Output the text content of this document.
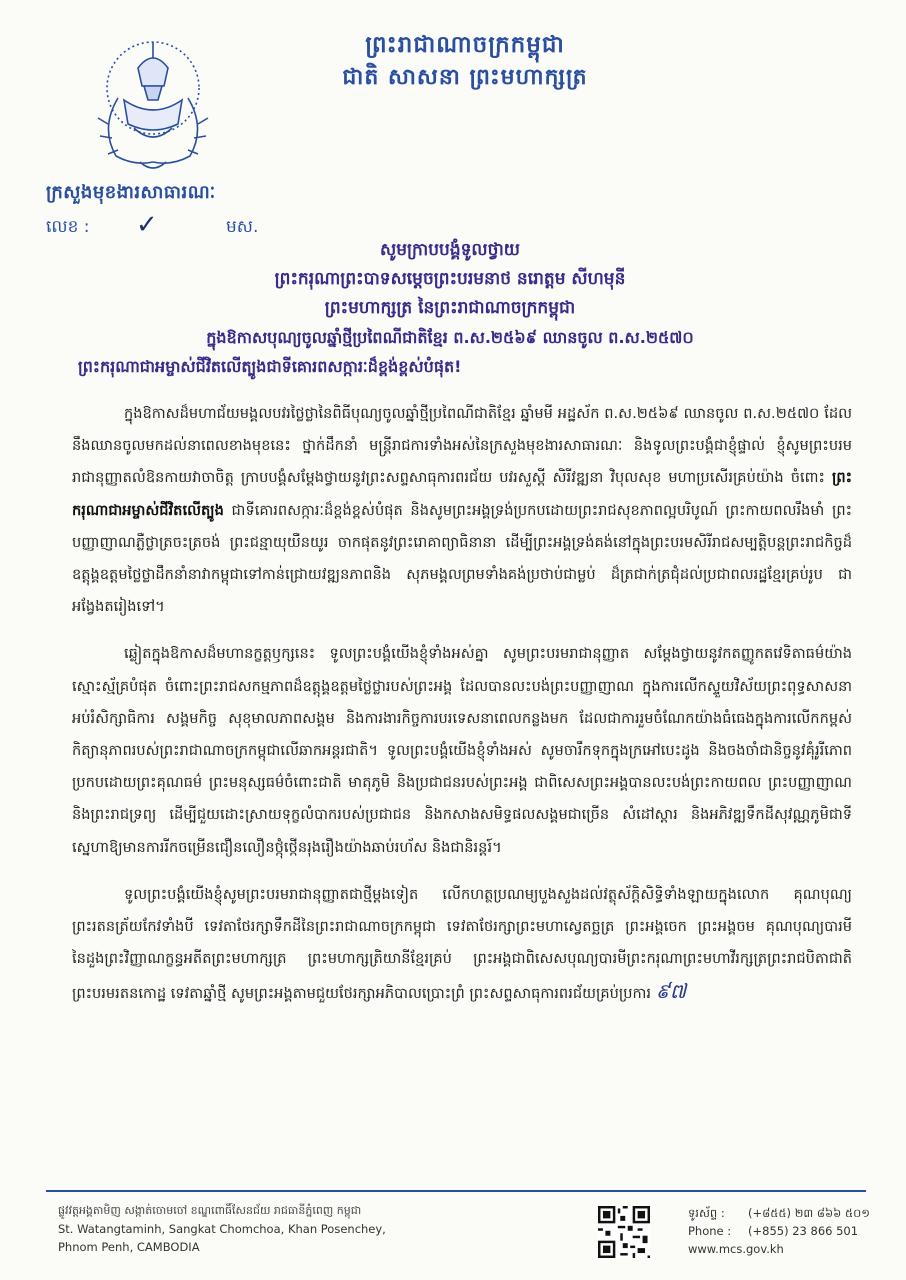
ព្រះរាជាណាចក្រកម្ពុជា
ជាតិ សាសនា ព្រះមហាក្សត្រ
ក្រសួងមុខងារសាធារណៈ
លេខ : ✓	មស.
សូមក្រាបបង្គំទូលថ្វាយ
ព្រះករុណាព្រះបាទសម្តេចព្រះបរមនាថ នរោត្តម សីហមុនី
ព្រះមហាក្សត្រ នៃព្រះរាជាណាចក្រកម្ពុជា
ក្នុងឱកាសបុណ្យចូលឆ្នាំថ្មីប្រពៃណីជាតិខ្មែរ ព.ស.២៥៦៩ ឈានចូល ព.ស.២៥៧០
ព្រះករុណាជាអម្ចាស់ជីវិតលើត្បូងជាទីគោរពសក្ការៈដ៏ខ្ពង់ខ្ពស់បំផុត!

ក្នុងឱកាសដ៏មហាជ័យមង្គលបវរថ្លៃថ្លានៃពិធីបុណ្យចូលឆ្នាំថ្មីប្រពៃណីជាតិខ្មែរ ឆ្នាំមមី អដ្ឋស័ក ព.ស.២៥៦៩ ឈានចូល ព.ស.២៥៧០ ដែលនឹងឈានចូលមកដល់នាពេលខាងមុខនេះ ថ្នាក់ដឹកនាំ មន្ត្រីរាជការទាំងអស់នៃក្រសួងមុខងារសាធារណៈ និងទូលព្រះបង្គំជាខ្ញុំផ្ទាល់ ខ្ញុំសូមព្រះបរមរាជានុញ្ញាតលំឱនកាយវាចាចិត្ត ក្រាបបង្គំសម្តែងថ្វាយនូវព្រះសព្ទសាធុការពរជ័យ បវរសួស្តី សិរីវឌ្ឍនា វិបុលសុខ មហាប្រសើរគ្រប់យ៉ាង ចំពោះ ព្រះករុណាជាអម្ចាស់ជីវិតលើត្បូង ជាទីគោរពសក្ការៈដ៏ខ្ពង់ខ្ពស់បំផុត និងសូមព្រះអង្គទ្រង់ប្រកបដោយព្រះរាជសុខភាពល្អបរិបូណ៍ ព្រះកាយពលរឹងមាំ ព្រះបញ្ញាញាណភ្លឺថ្លាត្រចះត្រចង់ ព្រះជន្មាយុយឺនយូរ ចាកផុតនូវព្រះរោគាព្យាធិនានា ដើម្បីព្រះអង្គទ្រង់គង់នៅក្នុងព្រះបរមសិរីរាជសម្បត្តិបន្តព្រះរាជកិច្ចដ៏ឧត្តុង្គឧត្តមថ្លៃថ្លាដឹកនាំនាវាកម្ពុជាទៅកាន់ជ្រោយវឌ្ឍនភាពនិង សុភមង្គលព្រមទាំងគង់ប្រថាប់ជាម្លប់ ដ៏ត្រជាក់ត្រជុំដល់ប្រជាពលរដ្ឋខ្មែរគ្រប់រូប ជាអង្វែងតរៀងទៅ។

ឆ្លៀតក្នុងឱកាសដ៏មហានក្ខត្តឫក្សនេះ ទូលព្រះបង្គំយើងខ្ញុំទាំងអស់គ្នា សូមព្រះបរមរាជានុញ្ញាត សម្តែងថ្វាយនូវកតញ្ញូកតវេទិតាធម៌យ៉ាងស្មោះស្ម័គ្របំផុត ចំពោះព្រះរាជសកម្មភាពដ៏ឧត្តុង្គឧត្តមថ្លៃថ្លារបស់ព្រះអង្គ ដែលបានលះបង់ព្រះបញ្ញាញាណ ក្នុងការលើកស្ទួយវិស័យព្រះពុទ្ធសាសនា អប់រំសិក្សាធិការ សង្គមកិច្ច សុខុមាលភាពសង្គម និងការងារកិច្ចការបរទេសនាពេលកន្លងមក ដែលជាការរួមចំណែកយ៉ាងធំធេងក្នុងការលើកកម្ពស់កិត្យានុភាពរបស់ព្រះរាជាណាចក្រកម្ពុជាលើឆាកអន្តរជាតិ។ ទូលព្រះបង្គំយើងខ្ញុំទាំងអស់ សូមចារឹកទុកក្នុងក្រអៅបេះដូង និងចងចាំជានិច្ចនូវគុំរូរីភោពប្រកបដោយព្រះគុណធម៌ ព្រះមនុស្សធម៌ចំពោះជាតិ មាតុភូមិ និងប្រជាជនរបស់ព្រះអង្គ ជាពិសេសព្រះអង្គបានលះបង់ព្រះកាយពល ព្រះបញ្ញាញាណ និងព្រះរាជទ្រព្យ ដើម្បីជួយដោះស្រាយទុក្ខលំបាករបស់ប្រជាជន និងកសាងសមិទ្ធផលសង្គមជាច្រើន សំដៅស្តារ និងអភិវឌ្ឍទឹកដីសុវណ្ណភូមិជាទីស្នេហាឱ្យមានការរីកចម្រើនជឿនលឿនថ្កុំថ្កើនរុងរឿងយ៉ាងឆាប់រហ័ស និងជានិរន្តរ៍។

ទូលព្រះបង្គំយើងខ្ញុំសូមព្រះបរមរាជានុញ្ញាតជាថ្មីម្តងទៀត លើកហត្ថប្រណម្យបួងសួងដល់វត្ថុស័ក្តិសិទ្ធិទាំងឡាយក្នុងលោក គុណបុណ្យព្រះរតនត្រ័យកែវទាំងបី ទេវតាថែរក្សាទឹកដីនៃព្រះរាជាណាចក្រកម្ពុជា ទេវតាថែរក្សាព្រះមហាស្វេតច្ឆត្រ ព្រះអង្គចេក ព្រះអង្គចម គុណបុណ្យបារមីនៃដួងព្រះវិញ្ញាណក្ខន្ធអតីតព្រះមហាក្សត្រ ព្រះមហាក្សត្រិយានីខ្មែរគ្រប់ ព្រះអង្គជាពិសេសបុណ្យបារមីព្រះករុណាព្រះមហាវីរក្សត្រព្រះរាជបិតាជាតិ ព្រះបរមរតនកោដ្ឋ ទេវតាឆ្នាំថ្មី សូមព្រះអង្គតាមជួយថែរក្សាអភិបាលប្រោះព្រំ ព្រះសព្ទសាធុការពរជ័យគ្រប់ប្រការ ៩៧

ផ្លូវវត្តអង្គតាមិញ សង្កាត់ចោមចៅ ខណ្ឌពោធិ៍សែនជ័យ រាជធានីភ្នំពេញ កម្ពុជា
St. Watangtaminh, Sangkat Chomchoa, Khan Posenchey,
Phnom Penh, CAMBODIA
ទូរស័ព្ទ : (+៨៥៥) ២៣ ៨៦៦ ៥០១
Phone : (+855) 23 866 501
www.mcs.gov.kh
